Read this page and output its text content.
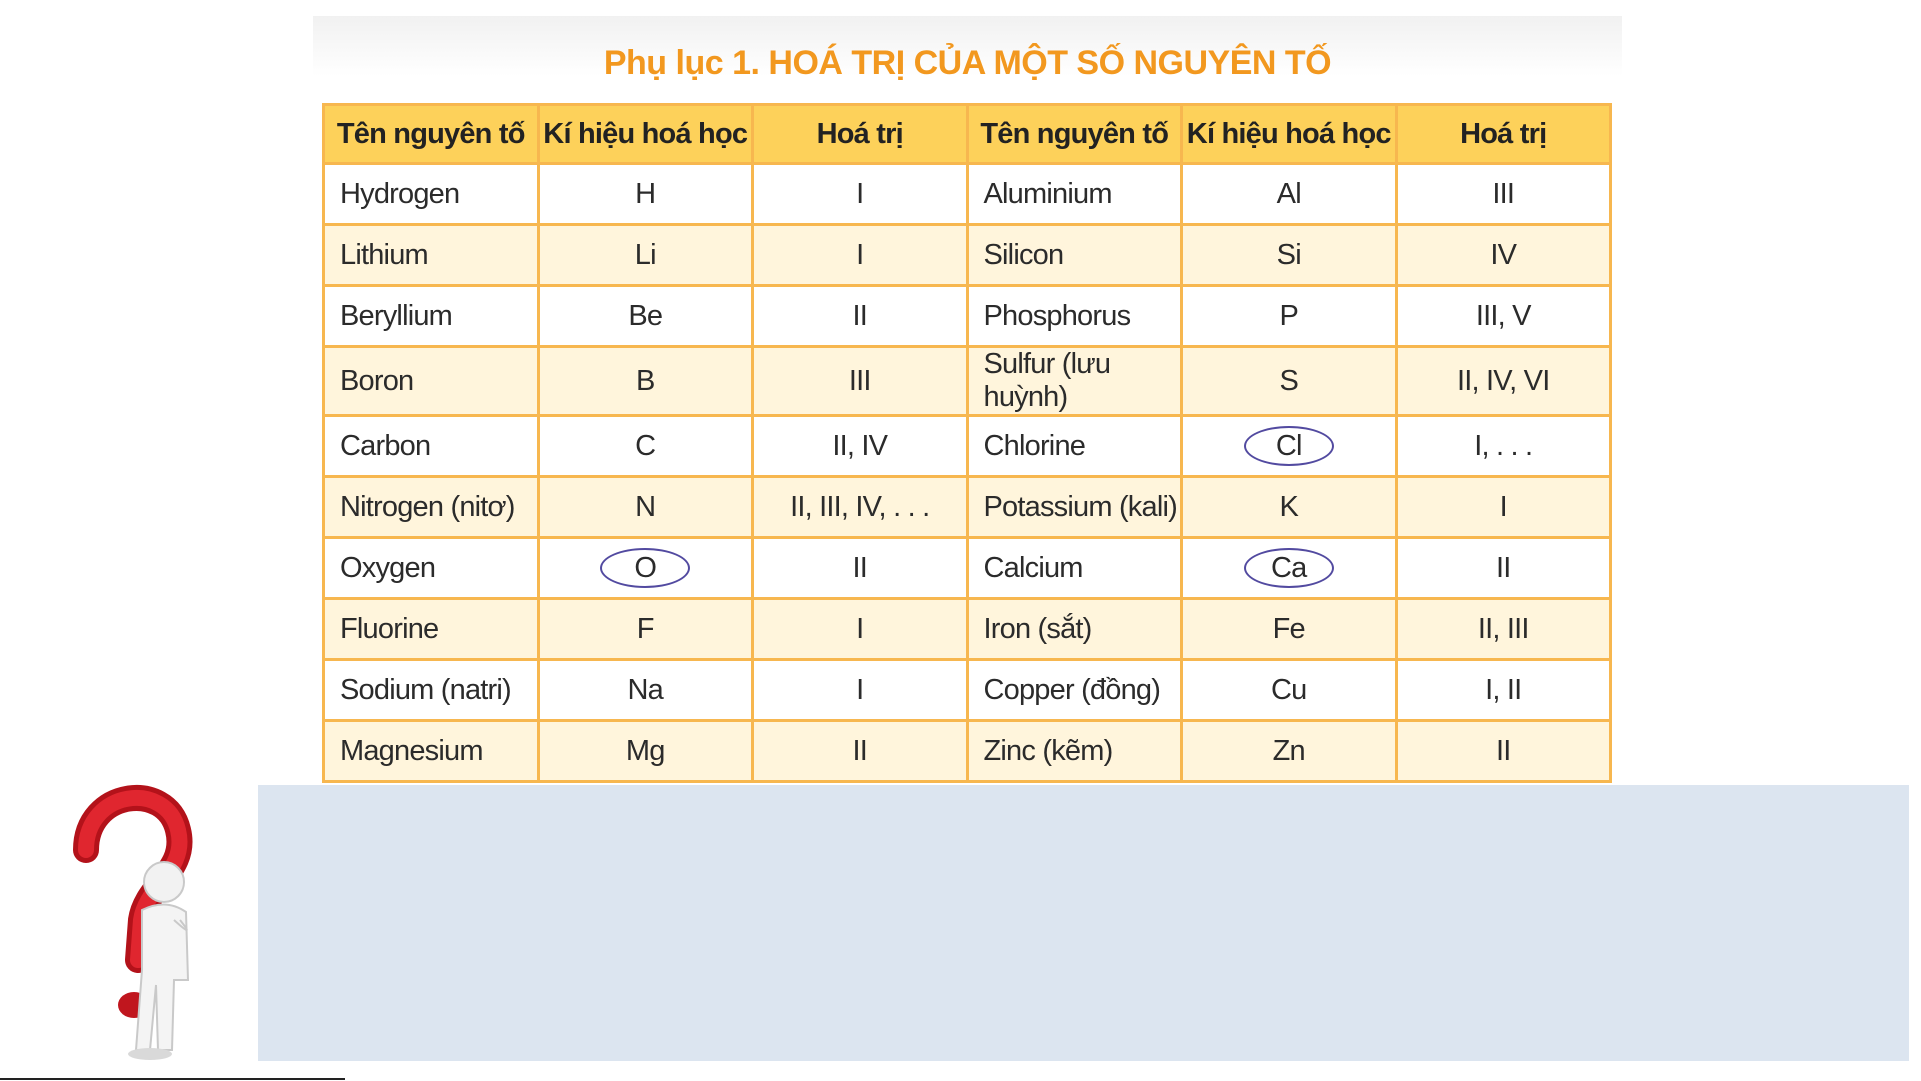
Phụ lục 1. HOÁ TRỊ CỦA MỘT SỐ NGUYÊN TỐ
Tên nguyên tố	Kí hiệu hoá học	Hoá trị	Tên nguyên tố	Kí hiệu hoá học	Hoá trị
Hydrogen	H	I	Aluminium	Al	III
Lithium	Li	I	Silicon	Si	IV
Beryllium	Be	II	Phosphorus	P	III, V
Boron	B	III	Sulfur (lưu huỳnh)	S	II, IV, VI
Carbon	C	II, IV	Chlorine	Cl	I, . . .
Nitrogen (nitơ)	N	II, III, IV, . . .	Potassium (kali)	K	I
Oxygen	O	II	Calcium	Ca	II
Fluorine	F	I	Iron (sắt)	Fe	II, III
Sodium (natri)	Na	I	Copper (đồng)	Cu	I, II
Magnesium	Mg	II	Zinc (kẽm)	Zn	II
